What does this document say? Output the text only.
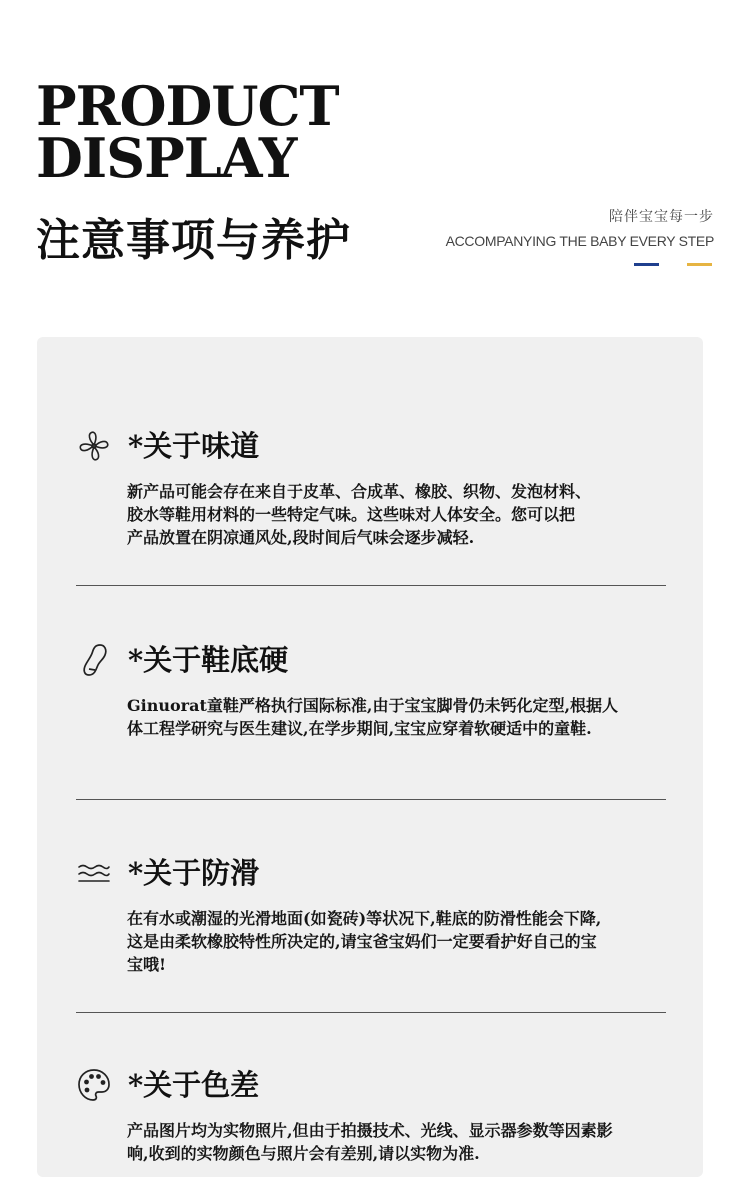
PRODUCT
DISPLAY
注意事项与养护	陪伴宝宝每一步
ACCOMPANYING THE BABY EVERY STEP
*关于味道

新产品可能会存在来自于皮革、合成革、橡胶、织物、发泡材料、
胶水等鞋用材料的一些特定气味。这些味对人体安全。您可以把
产品放置在阴凉通风处,段时间后气味会逐步减轻.

*关于鞋底硬

Ginuorat童鞋严格执行国际标准,由于宝宝脚骨仍未钙化定型,根据人
体工程学研究与医生建议,在学步期间,宝宝应穿着软硬适中的童鞋.

*关于防滑

在有水或潮湿的光滑地面(如瓷砖)等状况下,鞋底的防滑性能会下降,
这是由柔软橡胶特性所决定的,请宝爸宝妈们一定要看护好自己的宝
宝哦!

*关于色差

产品图片均为实物照片,但由于拍摄技术、光线、显示器参数等因素影
响,收到的实物颜色与照片会有差别,请以实物为准.
